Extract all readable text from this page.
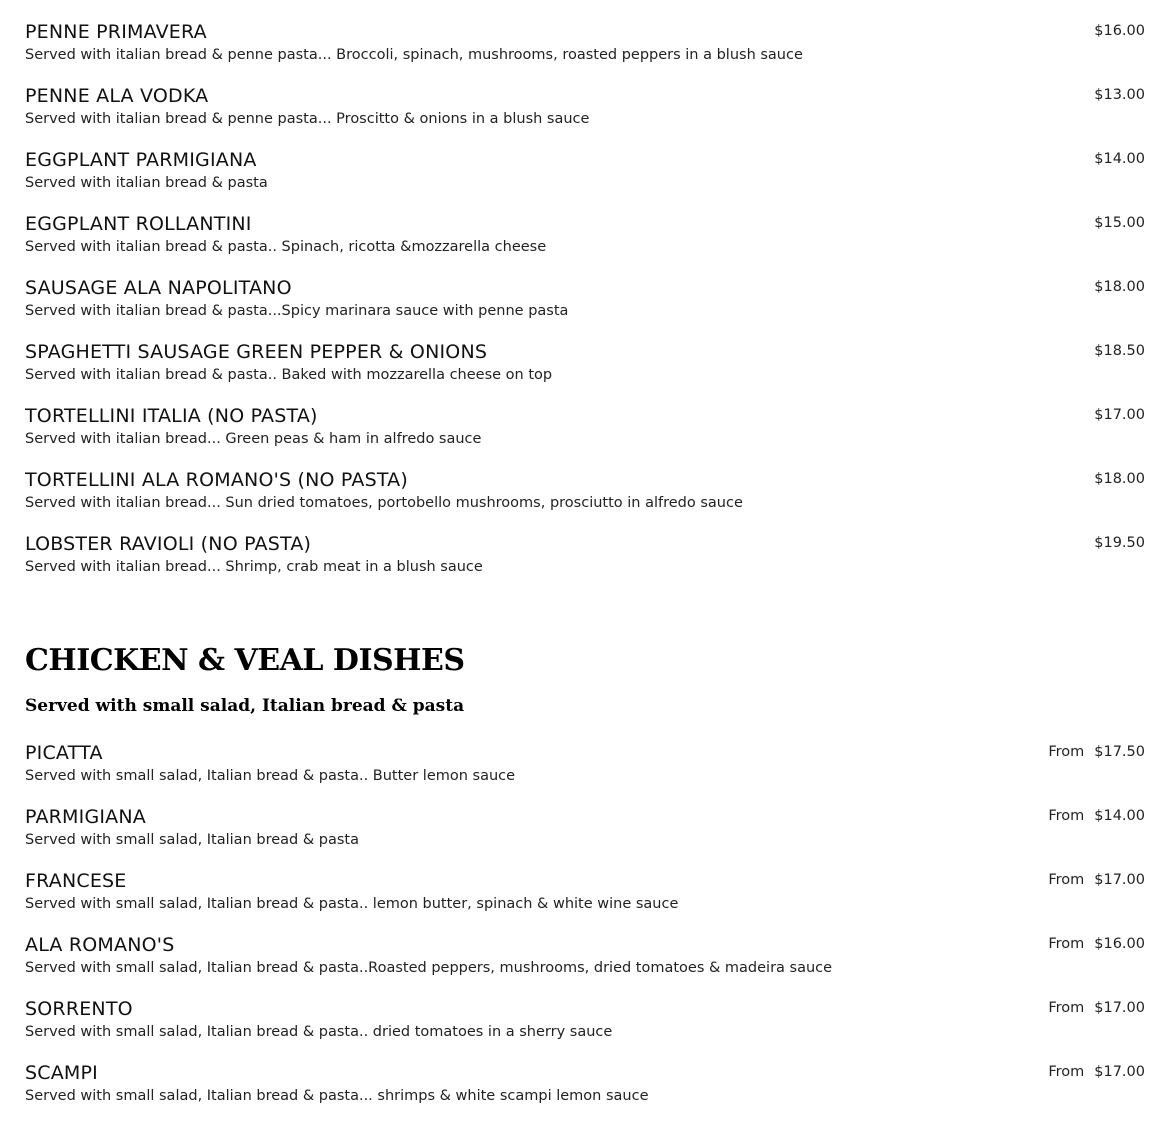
PENNE PRIMAVERA
Served with italian bread & penne pasta... Broccoli, spinach, mushrooms, roasted peppers in a blush sauce
$16.00
PENNE ALA VODKA
Served with italian bread & penne pasta... Proscitto & onions in a blush sauce
$13.00
EGGPLANT PARMIGIANA
Served with italian bread & pasta
$14.00
EGGPLANT ROLLANTINI
Served with italian bread & pasta.. Spinach, ricotta &mozzarella cheese
$15.00
SAUSAGE ALA NAPOLITANO
Served with italian bread & pasta...Spicy marinara sauce with penne pasta
$18.00
SPAGHETTI SAUSAGE GREEN PEPPER & ONIONS
Served with italian bread & pasta.. Baked with mozzarella cheese on top
$18.50
TORTELLINI ITALIA (NO PASTA)
Served with italian bread... Green peas & ham in alfredo sauce
$17.00
TORTELLINI ALA ROMANO'S (NO PASTA)
Served with italian bread... Sun dried tomatoes, portobello mushrooms, prosciutto in alfredo sauce
$18.00
LOBSTER RAVIOLI (NO PASTA)
Served with italian bread... Shrimp, crab meat in a blush sauce
$19.50
CHICKEN & VEAL DISHES
Served with small salad, Italian bread & pasta
PICATTA
Served with small salad, Italian bread & pasta.. Butter lemon sauce
From $17.50
PARMIGIANA
Served with small salad, Italian bread & pasta
From $14.00
FRANCESE
Served with small salad, Italian bread & pasta.. lemon butter, spinach & white wine sauce
From $17.00
ALA ROMANO'S
Served with small salad, Italian bread & pasta..Roasted peppers, mushrooms, dried tomatoes & madeira sauce
From $16.00
SORRENTO
Served with small salad, Italian bread & pasta.. dried tomatoes in a sherry sauce
From $17.00
SCAMPI
Served with small salad, Italian bread & pasta... shrimps & white scampi lemon sauce
From $17.00
